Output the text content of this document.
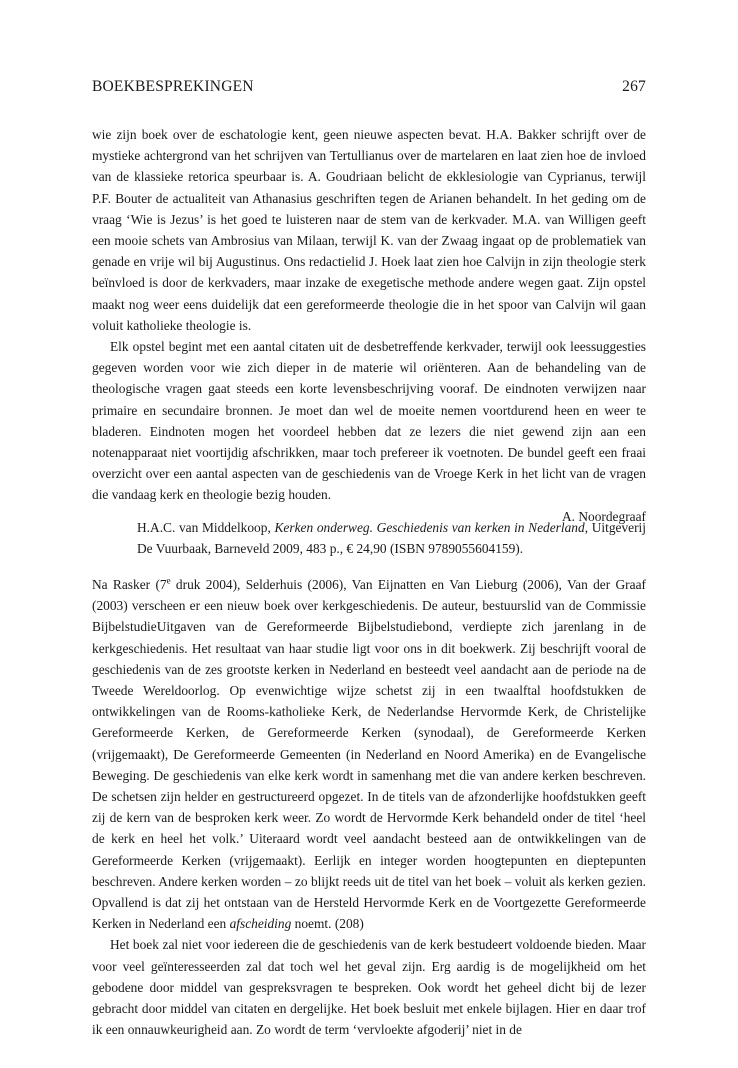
BOEKBESPREKINGEN	267

wie zijn boek over de eschatologie kent, geen nieuwe aspecten bevat. H.A. Bakker schrijft over de mystieke achtergrond van het schrijven van Tertullianus over de martelaren en laat zien hoe de invloed van de klassieke retorica speurbaar is. A. Goudriaan belicht de ekklesiologie van Cyprianus, terwijl P.F. Bouter de actualiteit van Athanasius geschriften tegen de Arianen behandelt. In het geding om de vraag ‘Wie is Jezus’ is het goed te luisteren naar de stem van de kerkvader. M.A. van Willigen geeft een mooie schets van Ambrosius van Milaan, terwijl K. van der Zwaag ingaat op de problematiek van genade en vrije wil bij Augustinus. Ons redactielid J. Hoek laat zien hoe Calvijn in zijn theologie sterk beïnvloed is door de kerkvaders, maar inzake de exegetische methode andere wegen gaat. Zijn opstel maakt nog weer eens duidelijk dat een gereformeerde theologie die in het spoor van Calvijn wil gaan voluit katholieke theologie is.

Elk opstel begint met een aantal citaten uit de desbetreffende kerkvader, terwijl ook leessuggesties gegeven worden voor wie zich dieper in de materie wil oriënteren. Aan de behandeling van de theologische vragen gaat steeds een korte levensbeschrijving vooraf. De eindnoten verwijzen naar primaire en secundaire bronnen. Je moet dan wel de moeite nemen voortdurend heen en weer te bladeren. Eindnoten mogen het voordeel hebben dat ze lezers die niet gewend zijn aan een notenapparaat niet voortijdig afschrikken, maar toch prefereer ik voetnoten. De bundel geeft een fraai overzicht over een aantal aspecten van de geschiedenis van de Vroege Kerk in het licht van de vragen die vandaag kerk en theologie bezig houden.

A. Noordegraaf

H.A.C. van Middelkoop, Kerken onderweg. Geschiedenis van kerken in Nederland, Uitgeverij De Vuurbaak, Barneveld 2009, 483 p., € 24,90 (ISBN 9789055604159).

Na Rasker (7e druk 2004), Selderhuis (2006), Van Eijnatten en Van Lieburg (2006), Van der Graaf (2003) verscheen er een nieuw boek over kerkgeschiedenis. De auteur, bestuurslid van de Commissie BijbelstudieUitgaven van de Gereformeerde Bijbelstudiebond, verdiepte zich jarenlang in de kerkgeschiedenis. Het resultaat van haar studie ligt voor ons in dit boekwerk. Zij beschrijft vooral de geschiedenis van de zes grootste kerken in Nederland en besteedt veel aandacht aan de periode na de Tweede Wereldoorlog. Op evenwichtige wijze schetst zij in een twaalftal hoofdstukken de ontwikkelingen van de Rooms-katholieke Kerk, de Nederlandse Hervormde Kerk, de Christelijke Gereformeerde Kerken, de Gereformeerde Kerken (synodaal), de Gereformeerde Kerken (vrijgemaakt), De Gereformeerde Gemeenten (in Nederland en Noord Amerika) en de Evangelische Beweging. De geschiedenis van elke kerk wordt in samenhang met die van andere kerken beschreven. De schetsen zijn helder en gestructureerd opgezet. In de titels van de afzonderlijke hoofdstukken geeft zij de kern van de besproken kerk weer. Zo wordt de Hervormde Kerk behandeld onder de titel ‘heel de kerk en heel het volk.’ Uiteraard wordt veel aandacht besteed aan de ontwikkelingen van de Gereformeerde Kerken (vrijgemaakt). Eerlijk en integer worden hoogtepunten en dieptepunten beschreven. Andere kerken worden – zo blijkt reeds uit de titel van het boek – voluit als kerken gezien. Opvallend is dat zij het ontstaan van de Hersteld Hervormde Kerk en de Voortgezette Gereformeerde Kerken in Nederland een afscheiding noemt. (208)

Het boek zal niet voor iedereen die de geschiedenis van de kerk bestudeert voldoende bieden. Maar voor veel geïnteresseerden zal dat toch wel het geval zijn. Erg aardig is de mogelijkheid om het gebodene door middel van gespreksvragen te bespreken. Ook wordt het geheel dicht bij de lezer gebracht door middel van citaten en dergelijke. Het boek besluit met enkele bijlagen. Hier en daar trof ik een onnauwkeurigheid aan. Zo wordt de term ‘vervloekte afgoderij’ niet in de
